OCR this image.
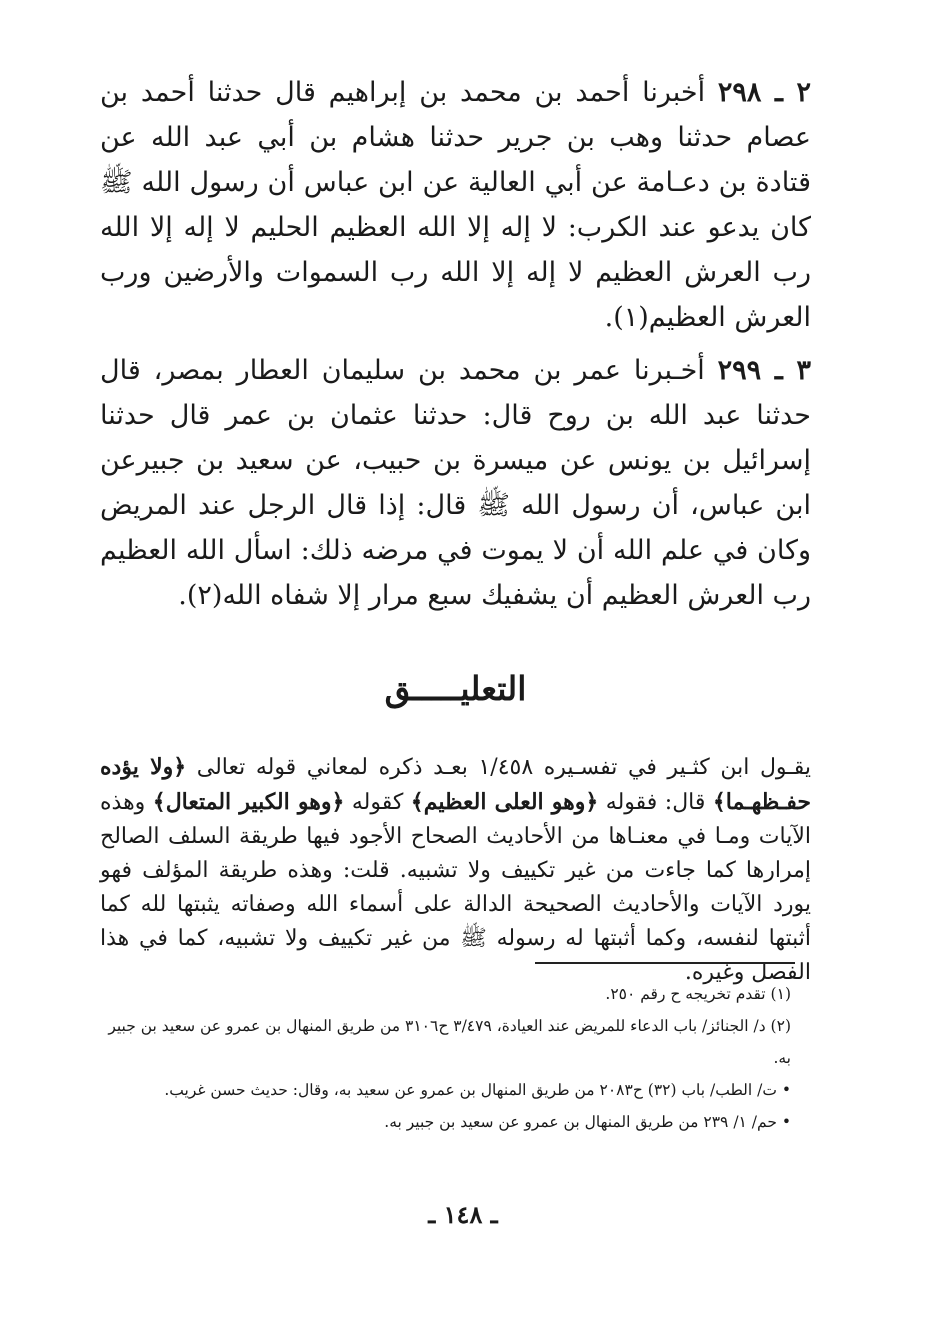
٢ ـ ٢٩٨ أخبرنا أحمد بن محمد بن إبراهيم قال حدثنا أحمد بن عصام حدثنا وهب بن جرير حدثنا هشام بن أبي عبد الله عن قتادة بن دعـامة عن أبي العالية عن ابن عباس أن رسول الله ﷺ كان يدعو عند الكرب: لا إله إلا الله العظيم الحليم لا إله إلا الله رب العرش العظيم لا إله إلا الله رب السموات والأرضين ورب العرش العظيم(١).

٣ ـ ٢٩٩ أخـبرنا عمر بن محمد بن سليمان العطار بمصر، قال حدثنا عبد الله بن روح قال: حدثنا عثمان بن عمر قال حدثنا إسرائيل بن يونس عن ميسرة بن حبيب، عن سعيد بن جبيرعن ابن عباس، أن رسول الله ﷺ قال: إذا قال الرجل عند المريض وكان في علم الله أن لا يموت في مرضه ذلك: اسأل الله العظيم رب العرش العظيم أن يشفيك سبع مرار إلا شفاه الله(٢).

التعليـــــق

يقـول ابن كثـير في تفسـيره ١/٤٥٨ بعـد ذكره لمعاني قوله تعالى ﴿ولا يؤده حفـظهـما﴾ قال: فقوله ﴿وهو العلى العظيم﴾ كقوله ﴿وهو الكبير المتعال﴾ وهذه الآيات ومـا في معنـاها من الأحاديث الصحاح الأجود فيها طريقة السلف الصالح إمرارها كما جاءت من غير تكييف ولا تشبيه. قلت: وهذه طريقة المؤلف فهو يورد الآيات والأحاديث الصحيحة الدالة على أسماء الله وصفاته يثبتها لله كما أثبتها لنفسه، وكما أثبتها له رسوله ﷺ من غير تكييف ولا تشبيه، كما في هذا الفصل وغيره.

(١) تقدم تخريجه ح رقم ٢٥٠.

(٢) د/ الجنائز/ باب الدعاء للمريض عند العيادة، ٣/٤٧٩ ح٣١٠٦ من طريق المنهال بن عمرو عن سعيد بن جبير به.

• ت/ الطب/ باب (٣٢) ح٢٠٨٣ من طريق المنهال بن عمرو عن سعيد به، وقال: حديث حسن غريب.

• حم/ ١/ ٢٣٩ من طريق المنهال بن عمرو عن سعيد بن جبير به.

ـ ١٤٨ ـ
